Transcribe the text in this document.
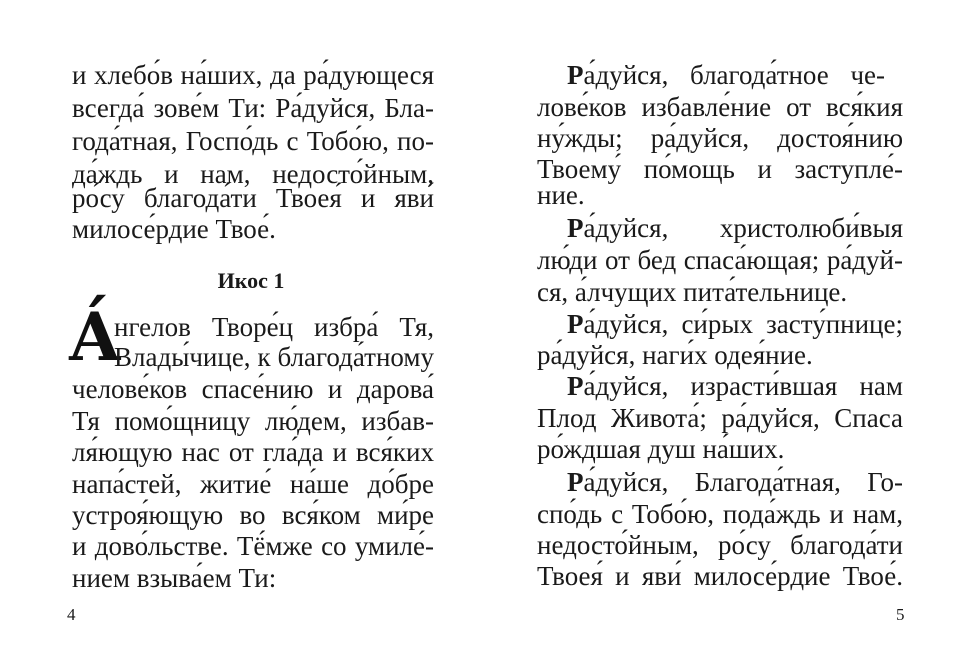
и хлебо́в на́ших, да ра́дующеся
всегда́ зове́м Ти: Ра́дуйся, Бла-
года́тная, Госпо́дь с Тобо́ю, по-
да́ждь и нам, недосто́йным,
ро́су благода́ти Твоея́ и яви́
милосе́рдие Твое́.
Икос 1
А́
нгелов Творе́ц избра́ Тя,
Влады́чице, к благода́тному
челове́ков спасе́нию и дарова́
Тя помо́щницу лю́дем, избав-
ля́ющую нас от гла́да и вся́ких
напа́стей, житие́ на́ше до́бре
устроя́ющую во вся́ком ми́ре
и дово́льстве. Тё́мже со умиле́-
нием взыва́ем Ти:
4
Ра́дуйся, благода́тное че-
лове́ков избавле́ние от вся́кия
ну́жды; ра́дуйся, достоя́нию
Твоему́ по́мощь и заступле́-
ние.
Ра́дуйся, христолюби́выя
лю́ди от бед спаса́ющая; ра́дуй-
ся, а́лчущих пита́тельнице.
Ра́дуйся, си́рых засту́пнице;
ра́дуйся, наги́х одея́ние.
Ра́дуйся, израсти́вшая нам
Плод Живота́; ра́дуйся, Спаса
ро́ждшая душ на́ших.
Ра́дуйся, Благода́тная, Го-
спо́дь с Тобо́ю, пода́ждь и нам,
недосто́йным, ро́су благода́ти
Твоея́ и яви́ милосе́рдие Твое́.
5
